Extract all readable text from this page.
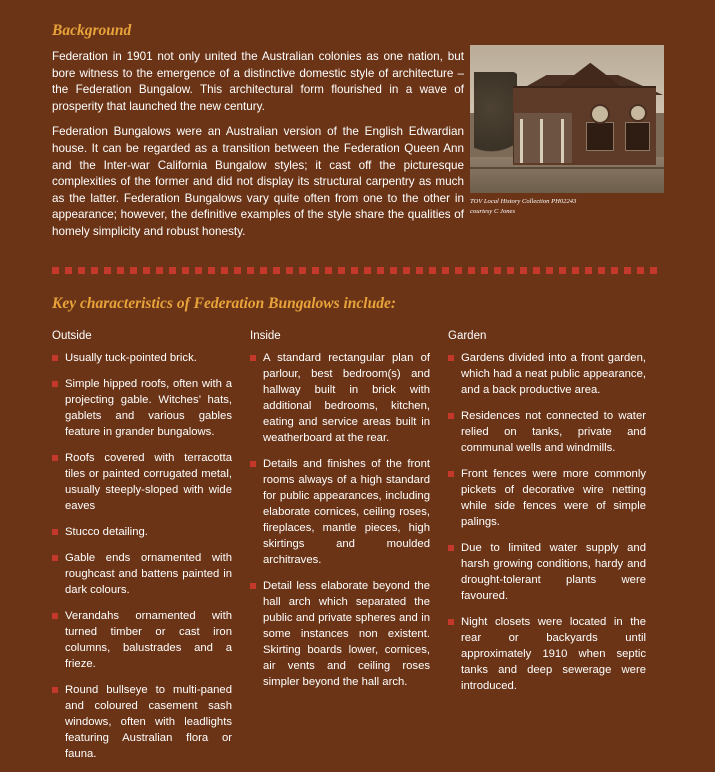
Background

Federation in 1901 not only united the Australian colonies as one nation, but bore witness to the emergence of a distinctive domestic style of architecture – the Federation Bungalow. This architectural form flourished in a wave of prosperity that launched the new century.

Federation Bungalows were an Australian version of the English Edwardian house. It can be regarded as a transition between the Federation Queen Ann and the Inter-war California Bungalow styles; it cast off the picturesque complexities of the former and did not display its structural carpentry as much as the latter. Federation Bungalows vary quite often from one to the other in appearance; however, the definitive examples of the style share the qualities of homely simplicity and robust honesty.

Key characteristics of Federation Bungalows include:
Outside
Usually tuck-pointed brick.
Simple hipped roofs, often with a projecting gable. Witches’ hats, gablets and various gables feature in grander bungalows.
Roofs covered with terracotta tiles or painted corrugated metal, usually steeply-sloped with wide eaves
Stucco detailing.
Gable ends ornamented with roughcast and battens painted in dark colours.
Verandahs ornamented with turned timber or cast iron columns, balustrades and a frieze.
Round bullseye to multi-paned and coloured casement sash windows, often with leadlights featuring Australian flora or fauna.
Inside
A standard rectangular plan of parlour, best bedroom(s) and hallway built in brick with additional bedrooms, kitchen, eating and service areas built in weatherboard at the rear.
Details and finishes of the front rooms always of a high standard for public appearances, including elaborate cornices, ceiling roses, fireplaces, mantle pieces, high skirtings and moulded architraves.
Detail less elaborate beyond the hall arch which separated the public and private spheres and in some instances non existent. Skirting boards lower, cornices, air vents and ceiling roses simpler beyond the hall arch.
Garden
Gardens divided into a front garden, which had a neat public appearance, and a back productive area.
Residences not connected to water relied on tanks, private and communal wells and windmills.
Front fences were more commonly pickets of decorative wire netting while side fences were of simple palings.
Due to limited water supply and harsh growing conditions, hardy and drought-tolerant plants were favoured.
Night closets were located in the rear or backyards until approximately 1910 when septic tanks and deep sewerage were introduced.
TOV Local History Collection PH02243
courtesy C Jones
